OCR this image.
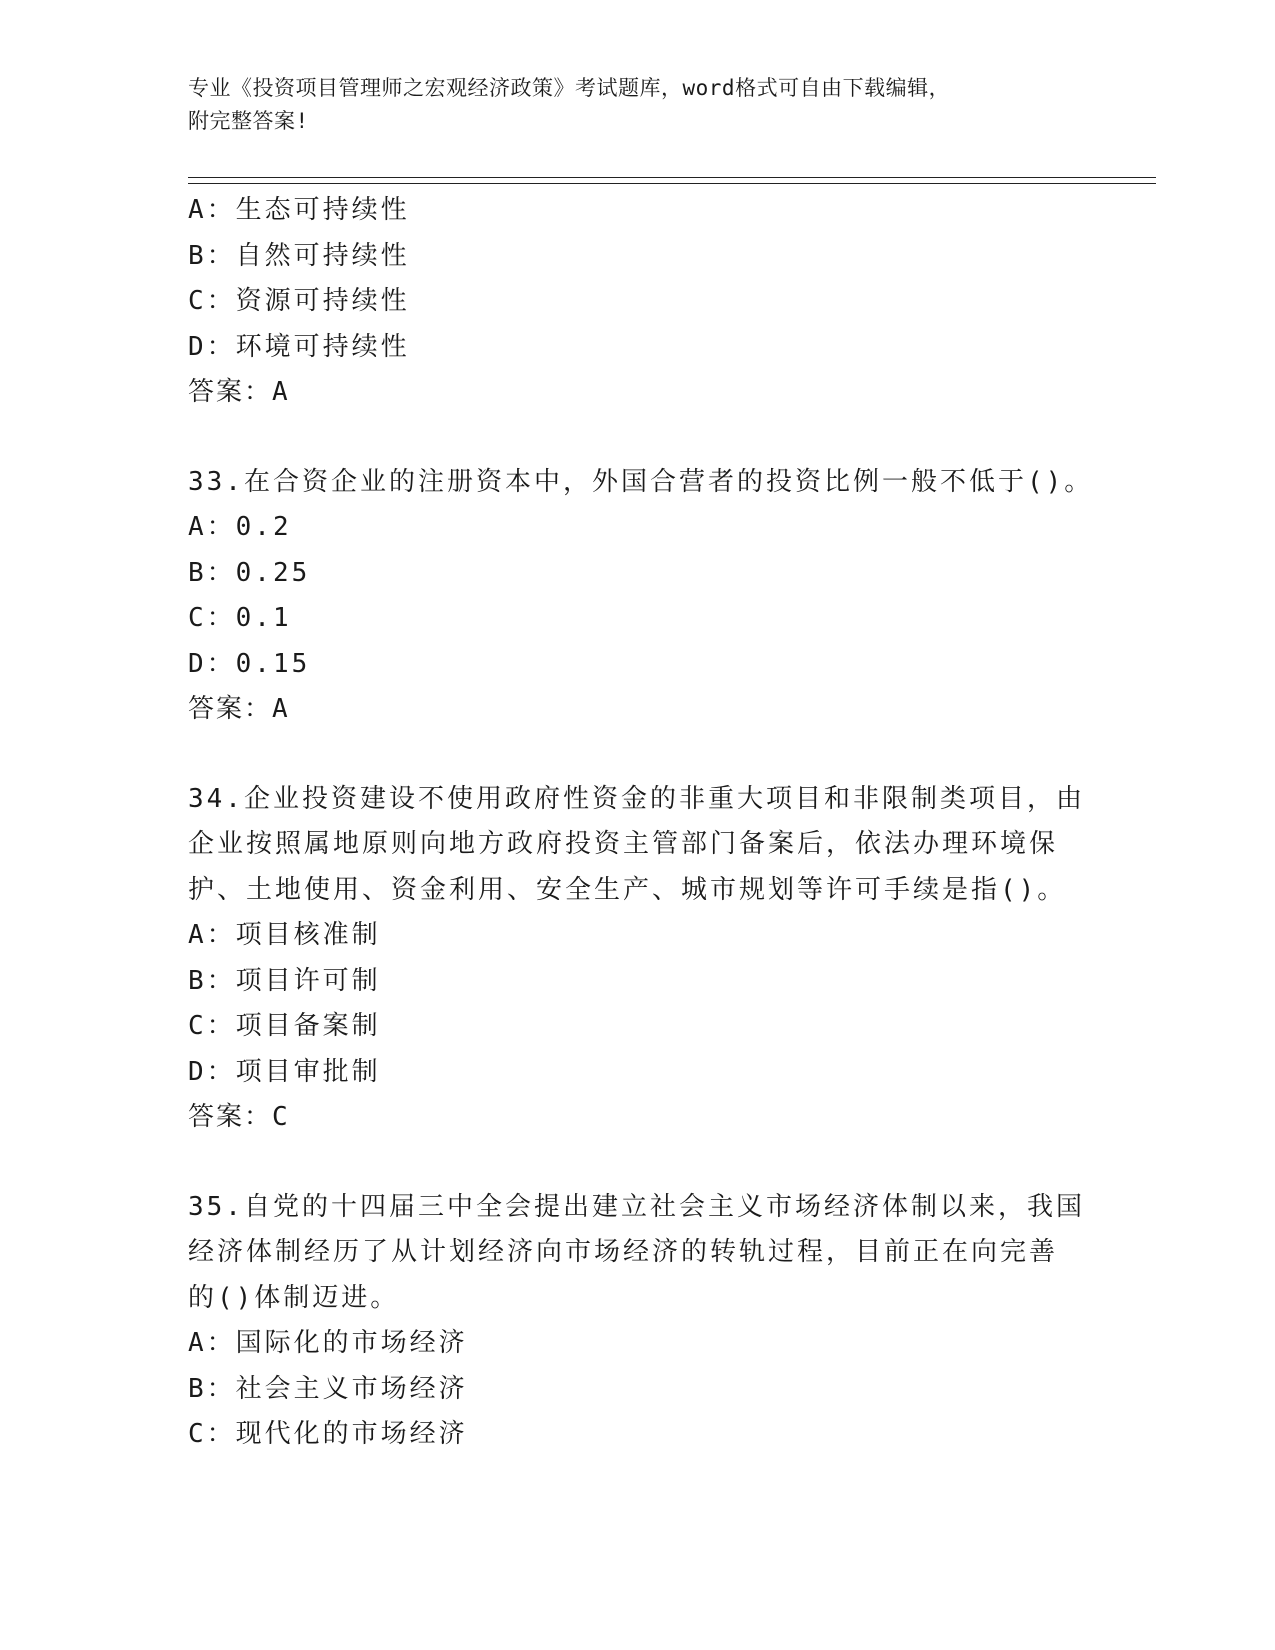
专业《投资项目管理师之宏观经济政策》考试题库，word格式可自由下载编辑，
附完整答案!
A：生态可持续性
B：自然可持续性
C：资源可持续性
D：环境可持续性
答案：A
33.在合资企业的注册资本中，外国合营者的投资比例一般不低于()。
A：0.2
B：0.25
C：0.1
D：0.15
答案：A
34.企业投资建设不使用政府性资金的非重大项目和非限制类项目，由
企业按照属地原则向地方政府投资主管部门备案后，依法办理环境保
护、土地使用、资金利用、安全生产、城市规划等许可手续是指()。
A：项目核准制
B：项目许可制
C：项目备案制
D：项目审批制
答案：C
35.自党的十四届三中全会提出建立社会主义市场经济体制以来，我国
经济体制经历了从计划经济向市场经济的转轨过程，目前正在向完善
的()体制迈进。
A：国际化的市场经济
B：社会主义市场经济
C：现代化的市场经济
